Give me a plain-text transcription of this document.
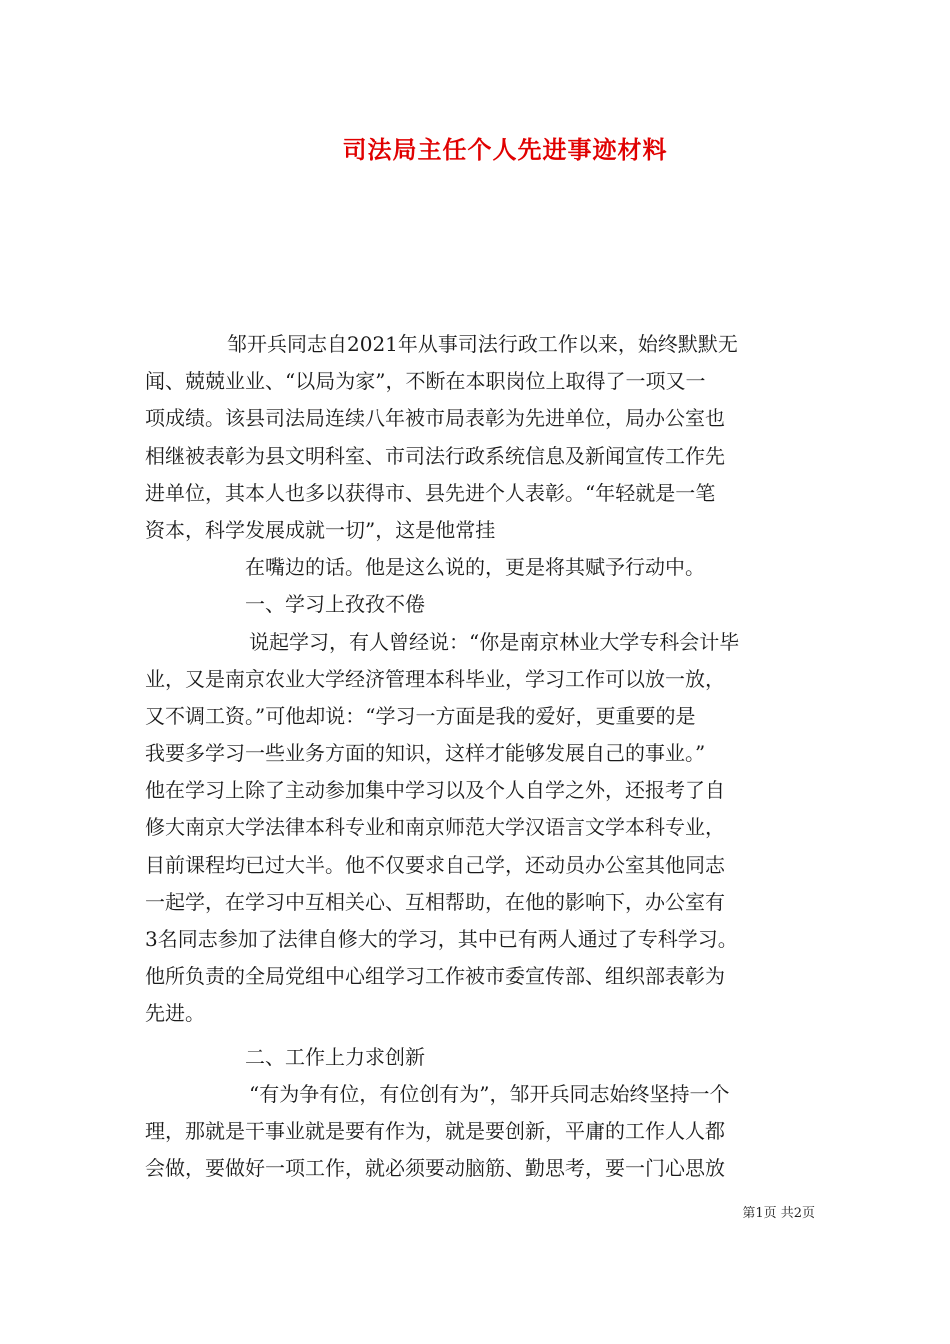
司法局主任个人先进事迹材料
邹开兵同志自2021年从事司法行政工作以来，始终默默无
闻、兢兢业业、“以局为家”，不断在本职岗位上取得了一项又一
项成绩。该县司法局连续八年被市局表彰为先进单位，局办公室也
相继被表彰为县文明科室、市司法行政系统信息及新闻宣传工作先
进单位，其本人也多以获得市、县先进个人表彰。“年轻就是一笔
资本，科学发展成就一切”，这是他常挂
在嘴边的话。他是这么说的，更是将其赋予行动中。
一、学习上孜孜不倦
说起学习，有人曾经说：“你是南京林业大学专科会计毕
业，又是南京农业大学经济管理本科毕业，学习工作可以放一放，
又不调工资。”可他却说：“学习一方面是我的爱好，更重要的是
我要多学习一些业务方面的知识，这样才能够发展自己的事业。”
他在学习上除了主动参加集中学习以及个人自学之外，还报考了自
修大南京大学法律本科专业和南京师范大学汉语言文学本科专业，
目前课程均已过大半。他不仅要求自己学，还动员办公室其他同志
一起学，在学习中互相关心、互相帮助，在他的影响下，办公室有
3名同志参加了法律自修大的学习，其中已有两人通过了专科学习。
他所负责的全局党组中心组学习工作被市委宣传部、组织部表彰为
先进。
二、工作上力求创新
“有为争有位，有位创有为”，邹开兵同志始终坚持一个
理，那就是干事业就是要有作为，就是要创新，平庸的工作人人都
会做，要做好一项工作，就必须要动脑筋、勤思考，要一门心思放
第1页 共2页
